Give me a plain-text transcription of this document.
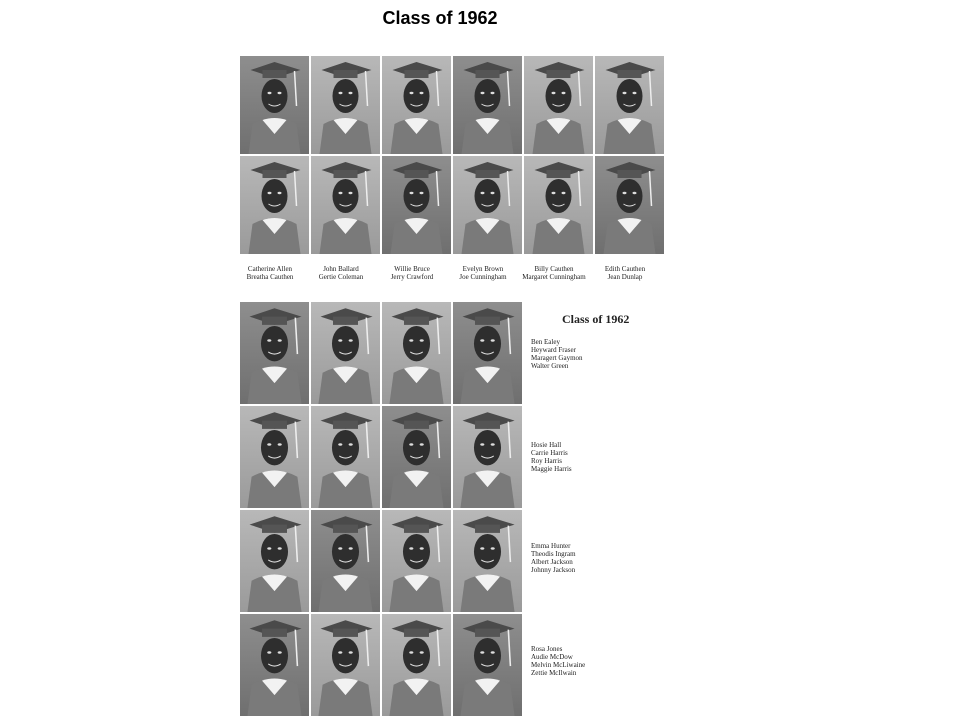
Class of 1962
Catherine Allen
Breatha Cauthen
John Ballard
Gertie Coleman
Willie Bruce
Jerry Crawford
Evelyn Brown
Joe Cunningham
Billy Cauthen
Margaret Cunningham
Edith Cauthen
Jean Dunlap
Class of 1962
Ben Ealey
Heyward Fraser
Maragert Gaymon
Walter Green
Hosie Hall
Carrie Harris
Roy Harris
Maggie Harris
Emma Hunter
Theodis Ingram
Albert Jackson
Johnny Jackson
Rosa Jones
Audie McDow
Melvin McLiwaine
Zettie McIlwain
